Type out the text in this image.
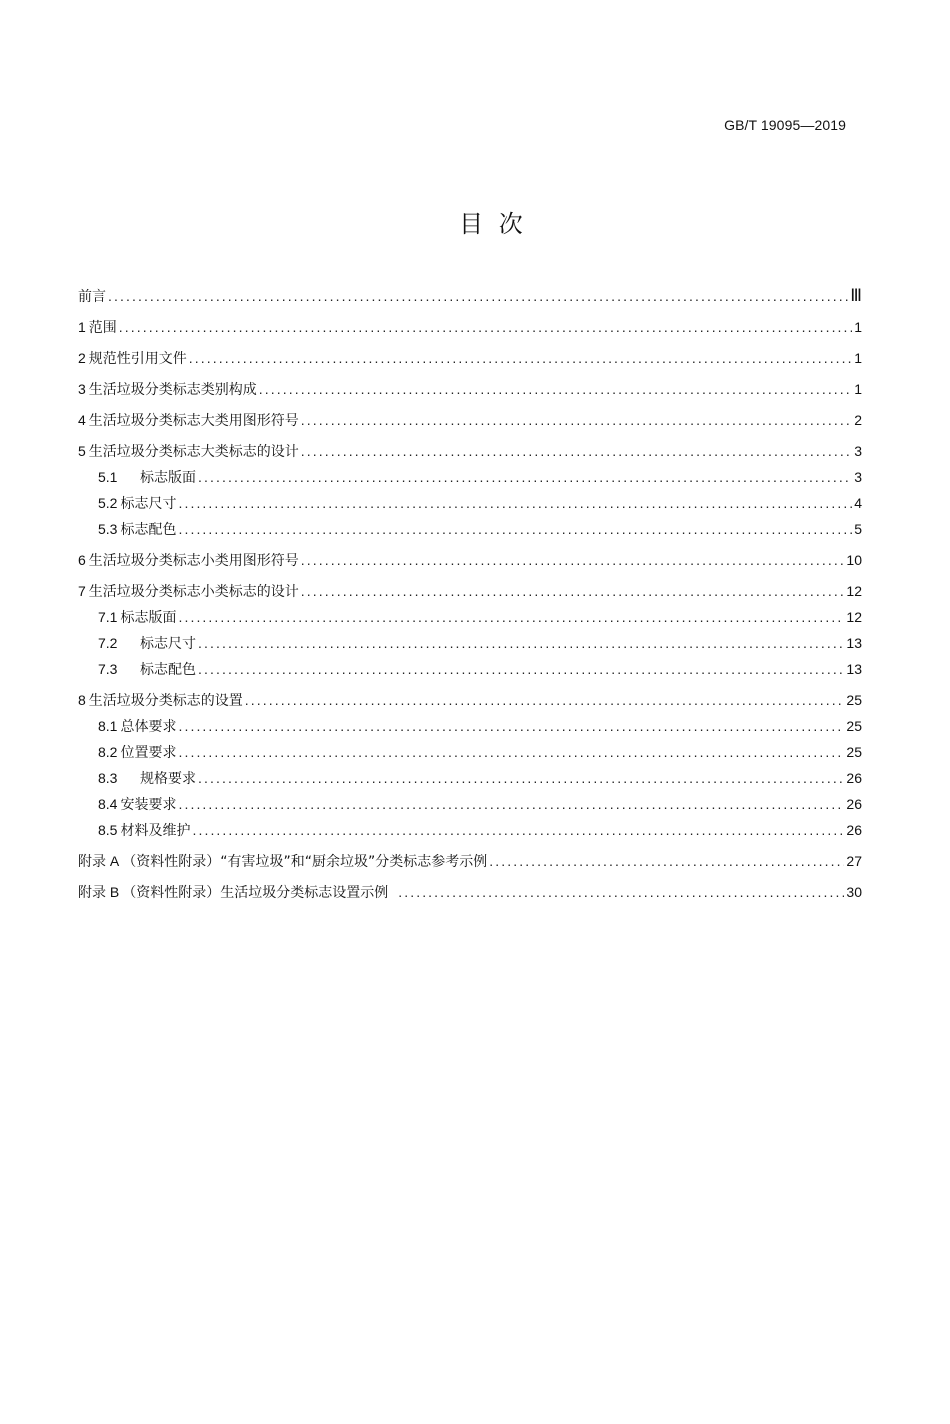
GB/T 19095—2019
目 次
前言 .....	Ⅲ
1 范围 .....	1
2 规范性引用文件 .....	1
3 生活垃圾分类标志类别构成 .....	1
4 生活垃圾分类标志大类用图形符号 .....	2
5 生活垃圾分类标志大类标志的设计 .....	3
5.1	标志版面 .....	3
5.2 标志尺寸 .....	4
5.3 标志配色 .....	5
6 生活垃圾分类标志小类用图形符号 .....	10
7 生活垃圾分类标志小类标志的设计 .....	12
7.1 标志版面 .....	12
7.2	标志尺寸 .....	13
7.3	标志配色 .....	13
8 生活垃圾分类标志的设置 .....	25
8.1 总体要求 .....	25
8.2 位置要求 .....	25
8.3	规格要求 .....	26
8.4 安装要求 .....	26
8.5 材料及维护 .....	26
附录 A （资料性附录）“有害垃圾”和“厨余垃圾”分类标志参考示例 .....	27
附录 B （资料性附录）生活垃圾分类标志设置示例 .....	30
